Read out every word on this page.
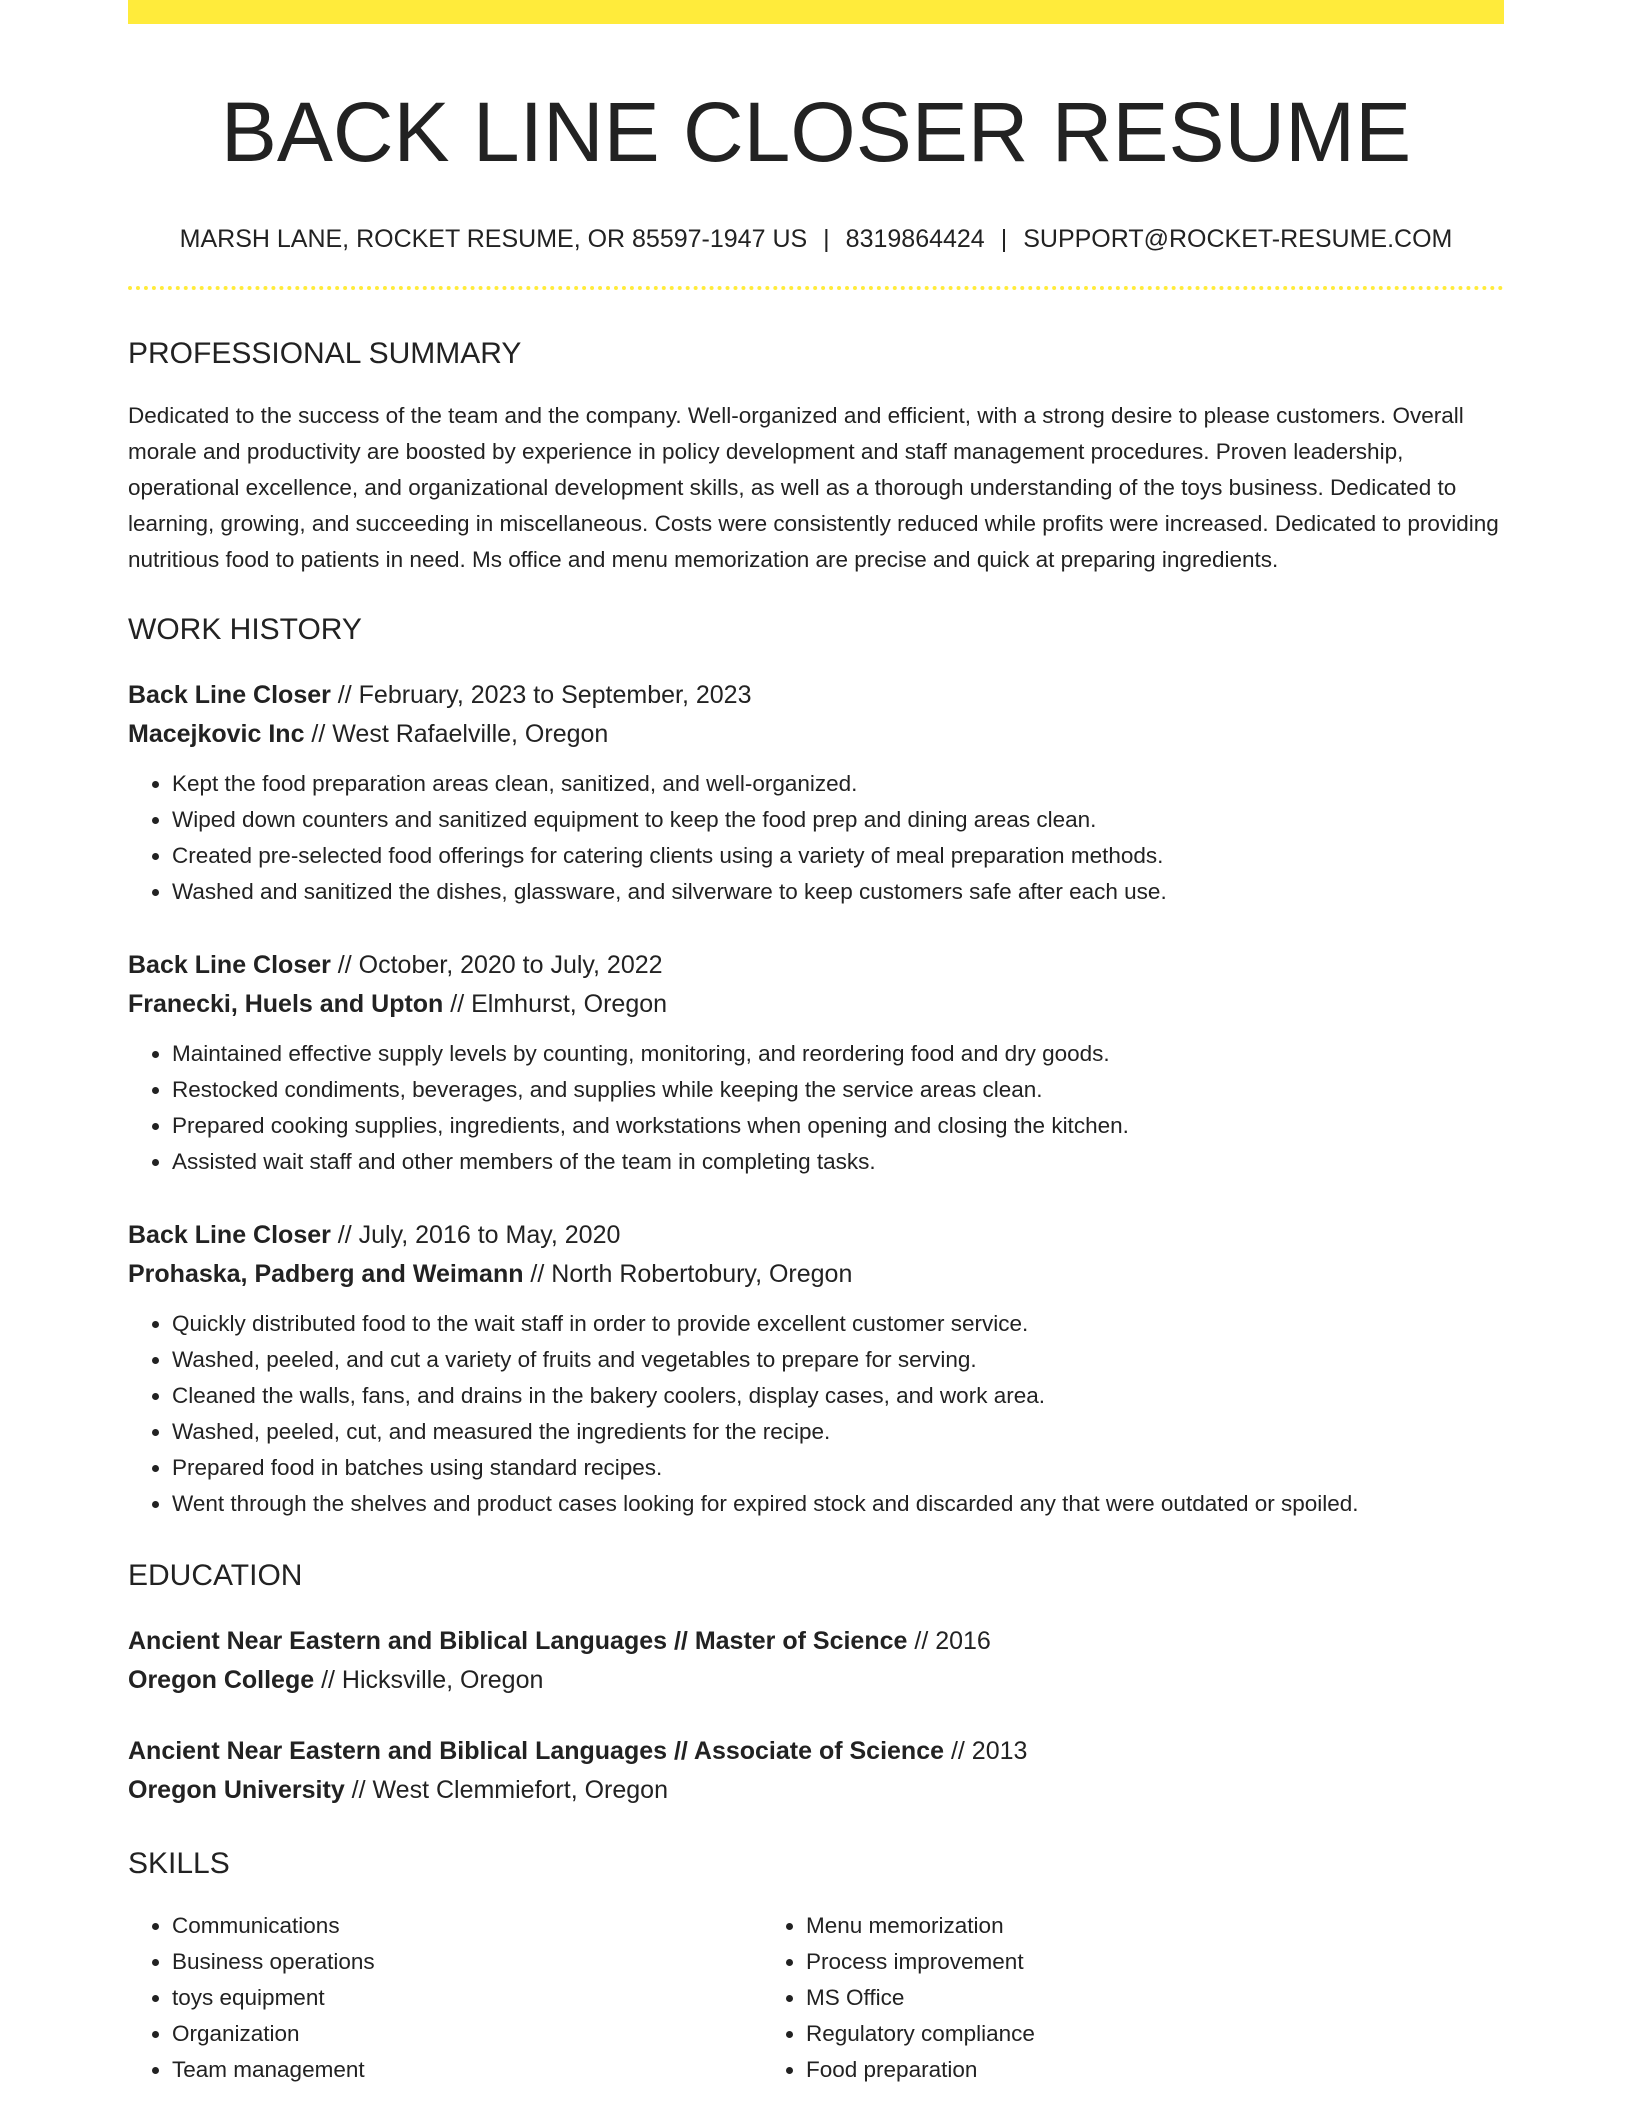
BACK LINE CLOSER RESUME
MARSH LANE, ROCKET RESUME, OR 85597-1947 US | 8319864424 | SUPPORT@ROCKET-RESUME.COM
PROFESSIONAL SUMMARY

Dedicated to the success of the team and the company. Well-organized and efficient, with a strong desire to please customers. Overall morale and productivity are boosted by experience in policy development and staff management procedures. Proven leadership, operational excellence, and organizational development skills, as well as a thorough understanding of the toys business. Dedicated to learning, growing, and succeeding in miscellaneous. Costs were consistently reduced while profits were increased. Dedicated to providing nutritious food to patients in need. Ms office and menu memorization are precise and quick at preparing ingredients.

WORK HISTORY
Back Line Closer // February, 2023 to September, 2023
Macejkovic Inc // West Rafaelville, Oregon
• Kept the food preparation areas clean, sanitized, and well-organized.
• Wiped down counters and sanitized equipment to keep the food prep and dining areas clean.
• Created pre-selected food offerings for catering clients using a variety of meal preparation methods.
• Washed and sanitized the dishes, glassware, and silverware to keep customers safe after each use.
Back Line Closer // October, 2020 to July, 2022
Franecki, Huels and Upton // Elmhurst, Oregon
• Maintained effective supply levels by counting, monitoring, and reordering food and dry goods.
• Restocked condiments, beverages, and supplies while keeping the service areas clean.
• Prepared cooking supplies, ingredients, and workstations when opening and closing the kitchen.
• Assisted wait staff and other members of the team in completing tasks.
Back Line Closer // July, 2016 to May, 2020
Prohaska, Padberg and Weimann // North Robertobury, Oregon
• Quickly distributed food to the wait staff in order to provide excellent customer service.
• Washed, peeled, and cut a variety of fruits and vegetables to prepare for serving.
• Cleaned the walls, fans, and drains in the bakery coolers, display cases, and work area.
• Washed, peeled, cut, and measured the ingredients for the recipe.
• Prepared food in batches using standard recipes.
• Went through the shelves and product cases looking for expired stock and discarded any that were outdated or spoiled.
EDUCATION
Ancient Near Eastern and Biblical Languages // Master of Science // 2016
Oregon College // Hicksville, Oregon
Ancient Near Eastern and Biblical Languages // Associate of Science // 2013
Oregon University // West Clemmiefort, Oregon
SKILLS
• Communications
• Business operations
• toys equipment
• Organization
• Team management
• Menu memorization
• Process improvement
• MS Office
• Regulatory compliance
• Food preparation
